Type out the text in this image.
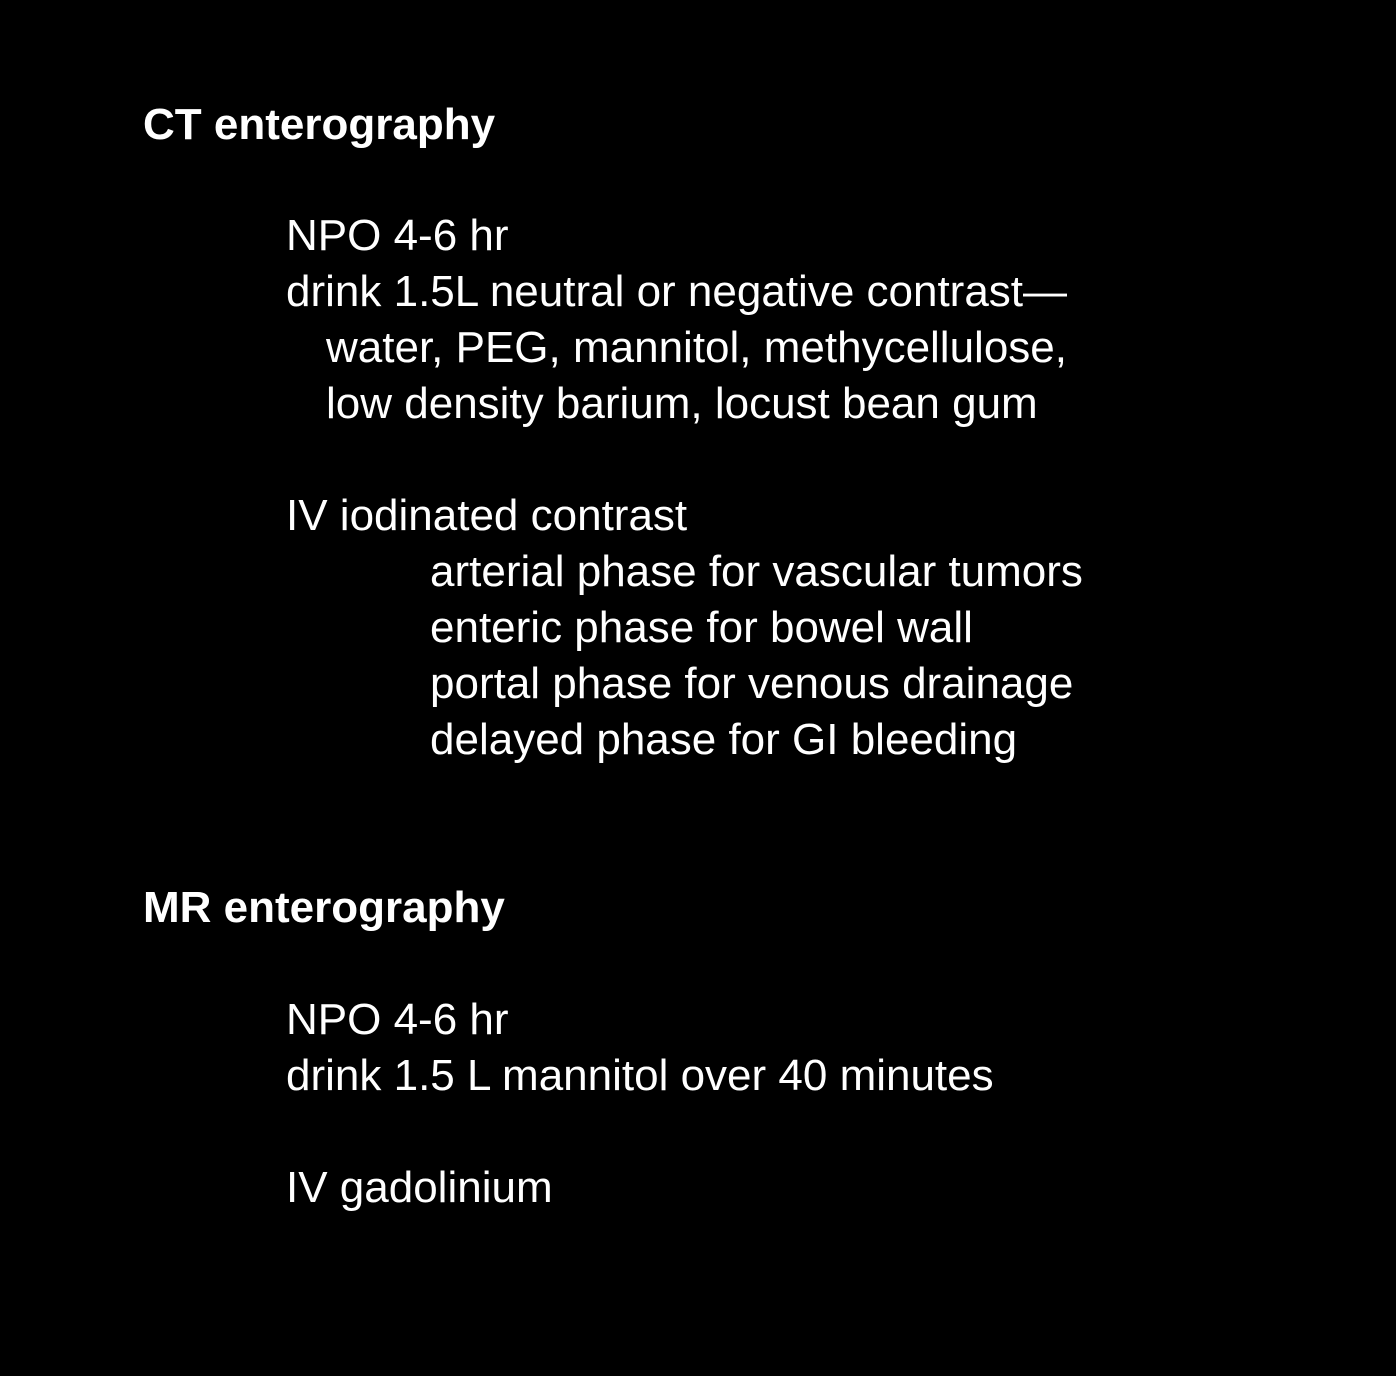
CT enterography
NPO 4-6 hr
drink 1.5L neutral or negative contrast—
water, PEG, mannitol, methycellulose,
low density barium, locust bean gum
IV iodinated contrast
arterial phase for vascular tumors
enteric phase for bowel wall
portal phase for venous drainage
delayed phase for GI bleeding
MR enterography
NPO 4-6 hr
drink 1.5 L mannitol over 40 minutes
IV gadolinium
